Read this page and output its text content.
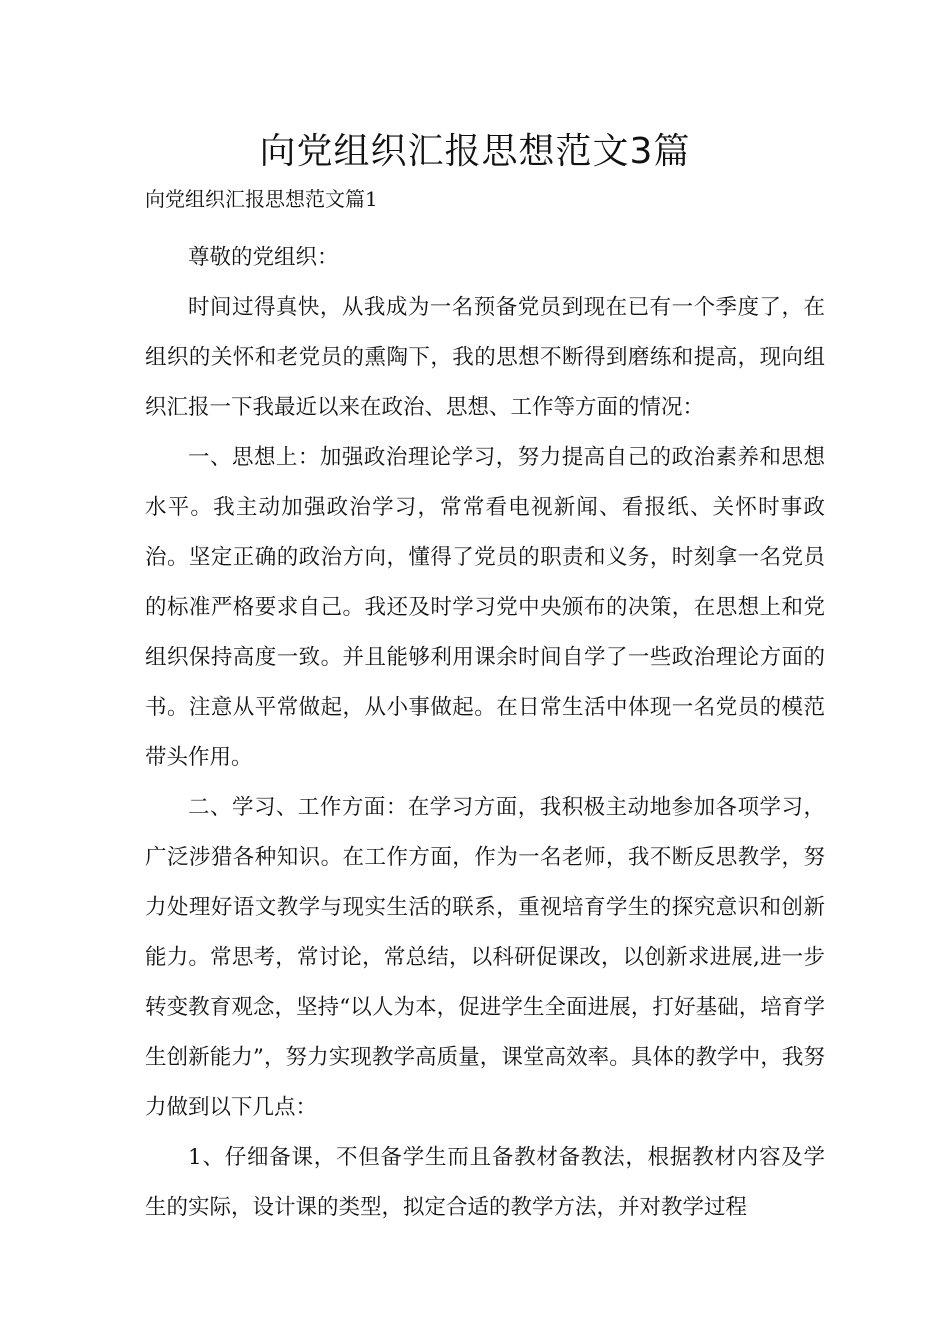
向党组织汇报思想范文3篇

向党组织汇报思想范文篇1

尊敬的党组织：

时间过得真快，从我成为一名预备党员到现在已有一个季度了，在组织的关怀和老党员的熏陶下，我的思想不断得到磨练和提高，现向组织汇报一下我最近以来在政治、思想、工作等方面的情况：

一、思想上：加强政治理论学习，努力提高自己的政治素养和思想水平。我主动加强政治学习，常常看电视新闻、看报纸、关怀时事政治。坚定正确的政治方向，懂得了党员的职责和义务，时刻拿一名党员的标准严格要求自己。我还及时学习党中央颁布的决策，在思想上和党组织保持高度一致。并且能够利用课余时间自学了一些政治理论方面的书。注意从平常做起，从小事做起。在日常生活中体现一名党员的模范带头作用。

二、学习、工作方面：在学习方面，我积极主动地参加各项学习，广泛涉猎各种知识。在工作方面，作为一名老师，我不断反思教学，努力处理好语文教学与现实生活的联系，重视培育学生的探究意识和创新能力。常思考，常讨论，常总结，以科研促课改，以创新求进展,进一步转变教育观念，坚持“以人为本，促进学生全面进展，打好基础，培育学生创新能力”，努力实现教学高质量，课堂高效率。具体的教学中，我努力做到以下几点：

1、仔细备课，不但备学生而且备教材备教法，根据教材内容及学生的实际，设计课的类型，拟定合适的教学方法，并对教学过程
